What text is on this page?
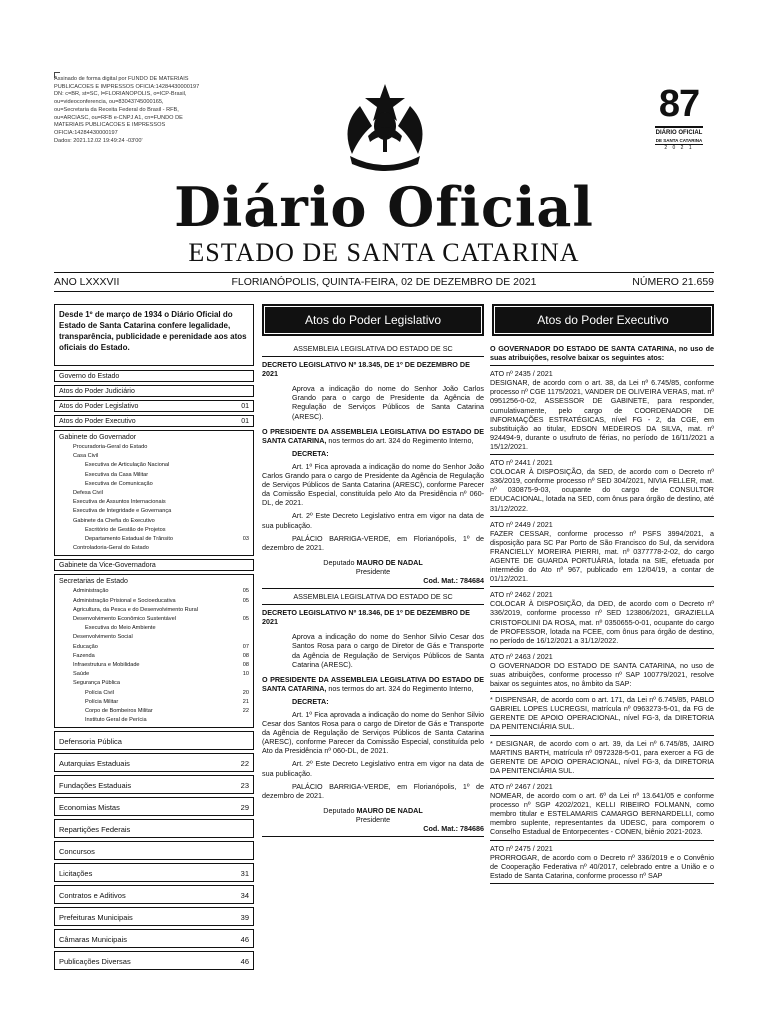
Assinado de forma digital por FUNDO DE MATERIAIS
PUBLICACOES E IMPRESSOS OFICIA:14284430000197
DN: c=BR, st=SC, l=FLORIANOPOLIS, o=ICP-Brasil,
ou=videoconferencia, ou=83043745000165,
ou=Secretaria da Receita Federal do Brasil - RFB,
ou=ARCIASC, ou=RFB e-CNPJ A1, cn=FUNDO DE
MATERIAIS PUBLICACOES E IMPRESSOS
OFICIA:14284430000197
Dados: 2021.12.02 19:49:24 -03'00'
87
DIÁRIO OFICIAL
DE SANTA CATARINA
2 0 2 1
Diário Oficial
ESTADO DE SANTA CATARINA
ANO LXXXVII	FLORIANÓPOLIS, QUINTA-FEIRA, 02 DE DEZEMBRO DE 2021	NÚMERO 21.659
Desde 1º de março de 1934 o Diário Oficial do Estado de Santa Catarina confere legalidade, transparência, publicidade e perenidade aos atos oficiais do Estado.
Governo do Estado
Atos do Poder Judiciário
Atos do Poder Legislativo	01
Atos do Poder Executivo	01
Gabinete do Governador
Procuradoria-Geral do Estado
Casa Civil
Executiva de Articulação Nacional
Executiva da Casa Militar
Executiva de Comunicação
Defesa Civil
Executiva de Assuntos Internacionais
Executiva de Integridade e Governança
Gabinete da Chefia do Executivo
Escritório de Gestão de Projetos
Departamento Estadual de Trânsito	03
Controladoria-Geral do Estado
Gabinete da Vice-Governadora
Secretarias de Estado
Administração	05
Administração Prisional e Socioeducativa	05
Agricultura, da Pesca e do Desenvolvimento Rural
Desenvolvimento Econômico Sustentável	05
Executiva do Meio Ambiente
Desenvolvimento Social
Educação	07
Fazenda	08
Infraestrutura e Mobilidade	08
Saúde	10
Segurança Pública
Polícia Civil	20
Polícia Militar	21
Corpo de Bombeiros Militar	22
Instituto Geral de Perícia
Defensoria Pública
Autarquias Estaduais	22
Fundações Estaduais	23
Economias Mistas	29
Repartições Federais
Concursos
Licitações	31
Contratos e Aditivos	34
Prefeituras Municipais	39
Câmaras Municipais	46
Publicações Diversas	46
Atos do Poder Legislativo

ASSEMBLEIA LEGISLATIVA DO ESTADO DE SC

DECRETO LEGISLATIVO Nº 18.345, DE 1º DE DEZEMBRO DE 2021

Aprova a indicação do nome do Senhor João Carlos Grando para o cargo de Presidente da Agência de Regulação de Serviços Públicos de Santa Catarina (ARESC).

O PRESIDENTE DA ASSEMBLEIA LEGISLATIVA DO ESTADO DE SANTA CATARINA, nos termos do art. 324 do Regimento Interno,

DECRETA:

Art. 1º Fica aprovada a indicação do nome do Senhor João Carlos Grando para o cargo de Presidente da Agência de Regulação de Serviços Públicos de Santa Catarina (ARESC), conforme Parecer da Comissão Especial, constituída pelo Ato da Presidência nº 060-DL, de 2021.

Art. 2º Este Decreto Legislativo entra em vigor na data de sua publicação.

PALÁCIO BARRIGA-VERDE, em Florianópolis, 1º de dezembro de 2021.

Deputado MAURO DE NADAL

Presidente

Cod. Mat.: 784684

ASSEMBLEIA LEGISLATIVA DO ESTADO DE SC

DECRETO LEGISLATIVO Nº 18.346, DE 1º DE DEZEMBRO DE 2021

Aprova a indicação do nome do Senhor Silvio Cesar dos Santos Rosa para o cargo de Diretor de Gás e Transporte da Agência de Regulação de Serviços Públicos de Santa Catarina (ARESC).

O PRESIDENTE DA ASSEMBLEIA LEGISLATIVA DO ESTADO DE SANTA CATARINA, nos termos do art. 324 do Regimento Interno,

DECRETA:

Art. 1º Fica aprovada a indicação do nome do Senhor Silvio Cesar dos Santos Rosa para o cargo de Diretor de Gás e Transporte da Agência de Regulação de Serviços Públicos de Santa Catarina (ARESC), conforme Parecer da Comissão Especial, constituída pelo Ato da Presidência nº 060-DL, de 2021.

Art. 2º Este Decreto Legislativo entra em vigor na data de sua publicação.

PALÁCIO BARRIGA-VERDE, em Florianópolis, 1º de dezembro de 2021.

Deputado MAURO DE NADAL

Presidente

Cod. Mat.: 784686

Atos do Poder Executivo

O GOVERNADOR DO ESTADO DE SANTA CATARINA, no uso de suas atribuições, resolve baixar os seguintes atos:

ATO nº 2435 / 2021

DESIGNAR, de acordo com o art. 38, da Lei nº 6.745/85, conforme processo nº CGE 1175/2021, VANDER DE OLIVEIRA VERAS, mat. nº 0951256-0-02, ASSESSOR DE GABINETE, para responder, cumulativamente, pelo cargo de COORDENADOR DE INFORMAÇÕES ESTRATÉGICAS, nível FG - 2, da CGE, em substituição ao titular, EDSON MEDEIROS DA SILVA, mat. nº 924494-9, durante o usufruto de férias, no período de 16/11/2021 a 15/12/2021.

ATO nº 2441 / 2021

COLOCAR À DISPOSIÇÃO, da SED, de acordo com o Decreto nº 336/2019, conforme processo nº SED 304/2021, NIVIA FELLER, mat. nº 030875-9-03, ocupante do cargo de CONSULTOR EDUCACIONAL, lotada na SED, com ônus para órgão de destino, até 31/12/2022.

ATO nº 2449 / 2021

FAZER CESSAR, conforme processo nº PSFS 3994/2021, a disposição para SC Par Porto de São Francisco do Sul, da servidora FRANCIELLY MOREIRA PIERRI, mat. nº 0377778-2-02, do cargo AGENTE DE GUARDA PORTUÁRIA, lotada na SIE, efetuada por intermédio do Ato nº 967, publicado em 12/04/19, a contar de 01/12/2021.

ATO nº 2462 / 2021

COLOCAR À DISPOSIÇÃO, da DED, de acordo com o Decreto nº 336/2019, conforme processo nº SED 123806/2021, GRAZIELLA CRISTOFOLINI DA ROSA, mat. nº 0350655-0-01, ocupante do cargo de PROFESSOR, lotada na FCEE, com ônus para órgão de destino, no período de 16/12/2021 a 31/12/2022.

ATO nº 2463 / 2021

O GOVERNADOR DO ESTADO DE SANTA CATARINA, no uso de suas atribuições, conforme processo nº SAP 100779/2021, resolve baixar os seguintes atos, no âmbito da SAP:

* DISPENSAR, de acordo com o art. 171, da Lei nº 6.745/85, PABLO GABRIEL LOPES LUCREGSI, matrícula nº 0963273-5-01, da FG de GERENTE DE APOIO OPERACIONAL, nível FG-3, da DIRETORIA DA PENITENCIÁRIA SUL.

* DESIGNAR, de acordo com o art. 39, da Lei nº 6.745/85, JAIRO MARTINS BARTH, matrícula nº 0972328-5-01, para exercer a FG de GERENTE DE APOIO OPERACIONAL, nível FG-3, da DIRETORIA DA PENITENCIÁRIA SUL.

ATO nº 2467 / 2021

NOMEAR, de acordo com o art. 6º da Lei nº 13.641/05 e conforme processo nº SGP 4202/2021, KELLI RIBEIRO FOLMANN, como membro titular e ESTELAMARIS CAMARGO BERNARDELLI, como membro suplente, representantes da UDESC, para comporem o Conselho Estadual de Entorpecentes - CONEN, biênio 2021-2023.

ATO nº 2475 / 2021

PRORROGAR, de acordo com o Decreto nº 336/2019 e o Convênio de Cooperação Federativa nº 40/2017, celebrado entre a União e o Estado de Santa Catarina, conforme processo nº SAP
